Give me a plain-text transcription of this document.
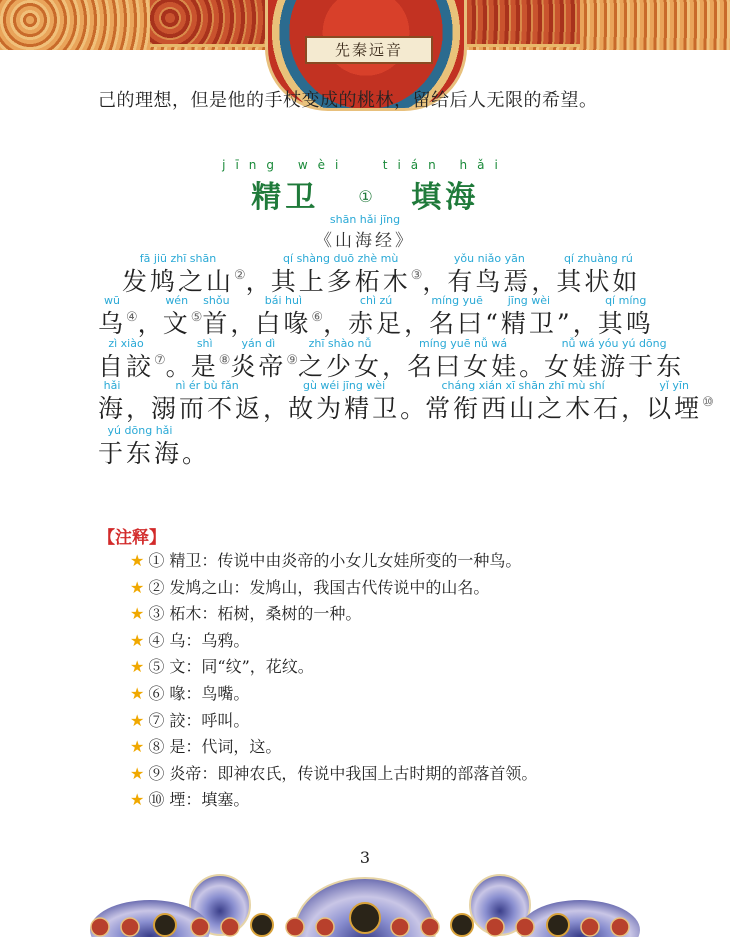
先秦远音
己的理想，但是他的手杖变成的桃林，留给后人无限的希望。
jīng wèi
精卫 ①
tián hǎi
填海
shān hǎi jīng
《山海经》
fā jiū zhī shān
发鸠之山 ② ，
qí shàng duō zhè mù
其上多柘木 ③ ，
yǒu niǎo yān
有鸟焉 ，
qí zhuàng rú
其状如
wū
乌 ④ ，
wén
文 ⑤
shǒu
首 ，
bái huì
白喙 ⑥ ，
chì zú
赤足 ，
míng yuē
名曰
jīng wèi
“精卫” ，
qí míng
其鸣
zì xiào
自詨 ⑦ 。
shì
是 ⑧
yán dì
炎帝 ⑨
zhī shào nǚ
之少女 ，
míng yuē nǚ wá
名曰女娃 。
nǚ wá yóu yú dōng
女娃游于东
hǎi
海 ，
nì ér bù fǎn
溺而不返 ，
gù wéi jīng wèi
故为精卫 。
cháng xián xī shān zhī mù shí
常衔西山之木石 ，
yǐ yīn
以堙 ⑩
yú dōng hǎi
于东海 。
【注释】
★ ① 精卫：传说中由炎帝的小女儿女娃所变的一种鸟。
★ ② 发鸠之山：发鸠山，我国古代传说中的山名。
★ ③ 柘木：柘树，桑树的一种。
★ ④ 乌：乌鸦。
★ ⑤ 文：同“纹”，花纹。
★ ⑥ 喙：鸟嘴。
★ ⑦ 詨：呼叫。
★ ⑧ 是：代词，这。
★ ⑨ 炎帝：即神农氏，传说中我国上古时期的部落首领。
★ ⑩ 堙：填塞。
3
